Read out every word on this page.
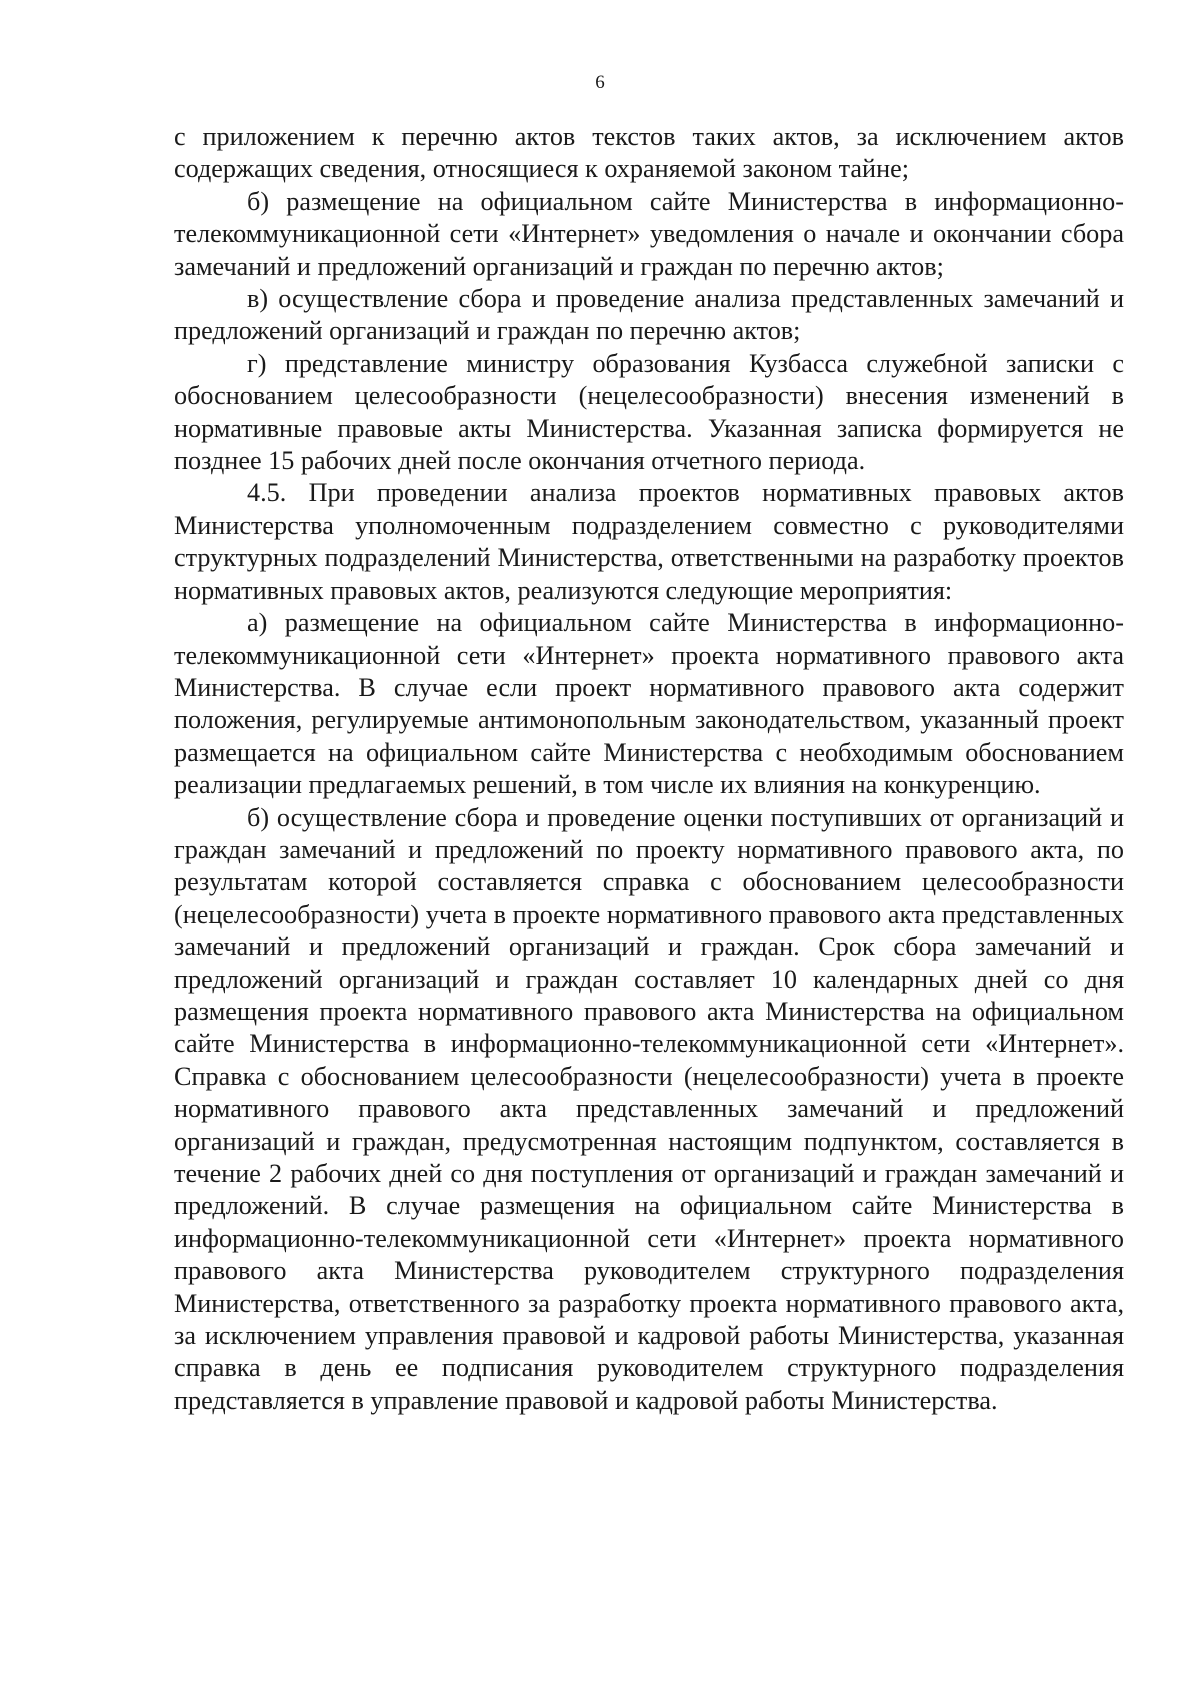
6

с приложением к перечню актов текстов таких актов, за исключением актов содержащих сведения, относящиеся к охраняемой законом тайне;

б) размещение на официальном сайте Министерства в информационно-телекоммуникационной сети «Интернет» уведомления о начале и окончании сбора замечаний и предложений организаций и граждан по перечню актов;

в) осуществление сбора и проведение анализа представленных замечаний и предложений организаций и граждан по перечню актов;

г) представление министру образования Кузбасса служебной записки с обоснованием целесообразности (нецелесообразности) внесения изменений в нормативные правовые акты Министерства. Указанная записка формируется не позднее 15 рабочих дней после окончания отчетного периода.

4.5. При проведении анализа проектов нормативных правовых актов Министерства уполномоченным подразделением совместно с руководителями структурных подразделений Министерства, ответственными на разработку проектов нормативных правовых актов, реализуются следующие мероприятия:

а) размещение на официальном сайте Министерства в информационно-телекоммуникационной сети «Интернет» проекта нормативного правового акта Министерства. В случае если проект нормативного правового акта содержит положения, регулируемые антимонопольным законодательством, указанный проект размещается на официальном сайте Министерства с необходимым обоснованием реализации предлагаемых решений, в том числе их влияния на конкуренцию.

б) осуществление сбора и проведение оценки поступивших от организаций и граждан замечаний и предложений по проекту нормативного правового акта, по результатам которой составляется справка с обоснованием целесообразности (нецелесообразности) учета в проекте нормативного правового акта представленных замечаний и предложений организаций и граждан. Срок сбора замечаний и предложений организаций и граждан составляет 10 календарных дней со дня размещения проекта нормативного правового акта Министерства на официальном сайте Министерства в информационно-телекоммуникационной сети «Интернет». Справка с обоснованием целесообразности (нецелесообразности) учета в проекте нормативного правового акта представленных замечаний и предложений организаций и граждан, предусмотренная настоящим подпунктом, составляется в течение 2 рабочих дней со дня поступления от организаций и граждан замечаний и предложений. В случае размещения на официальном сайте Министерства в информационно-телекоммуникационной сети «Интернет» проекта нормативного правового акта Министерства руководителем структурного подразделения Министерства, ответственного за разработку проекта нормативного правового акта, за исключением управления правовой и кадровой работы Министерства, указанная справка в день ее подписания руководителем структурного подразделения представляется в управление правовой и кадровой работы Министерства.
